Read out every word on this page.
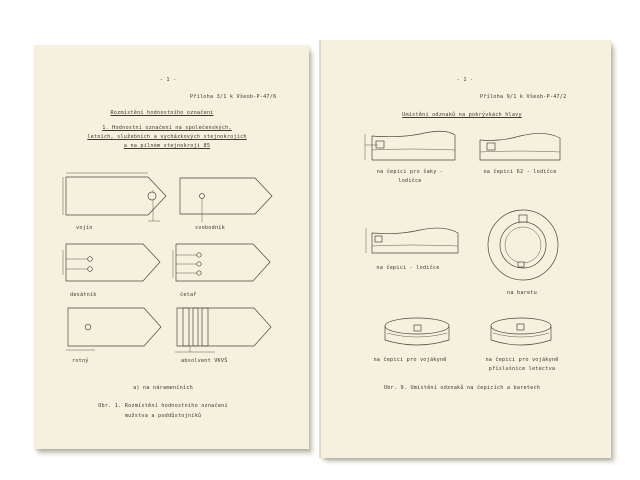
- 1 -
Příloha 3/1 k Všeob-P-47/6
Rozmístění hodnostního označení
1. Hodnostní označení na společenských,
letních, služebních a vycházkových stejnokrojích
a na pilném stejnokroji 85
vojín	svobodník
desátník	četař
rotný	absolvent VKVŠ
a) na nárameníních
Obr. 1. Rozmístění hodnostního označení
mužstva a poddůstojníků
- 1 -
Příloha 9/1 k Všeob-P-47/2
Umístění odznaků na pokrývkách hlavy
na čepici pro šaky -
lodičce
na čepici 62 - lodičce
na čepici - lodičce
na baretu
na čepici pro vojákyně	na čepici pro vojákyně
příslušnice letectva
Obr. 9. Umístění odznaků na čepicích a baretech
